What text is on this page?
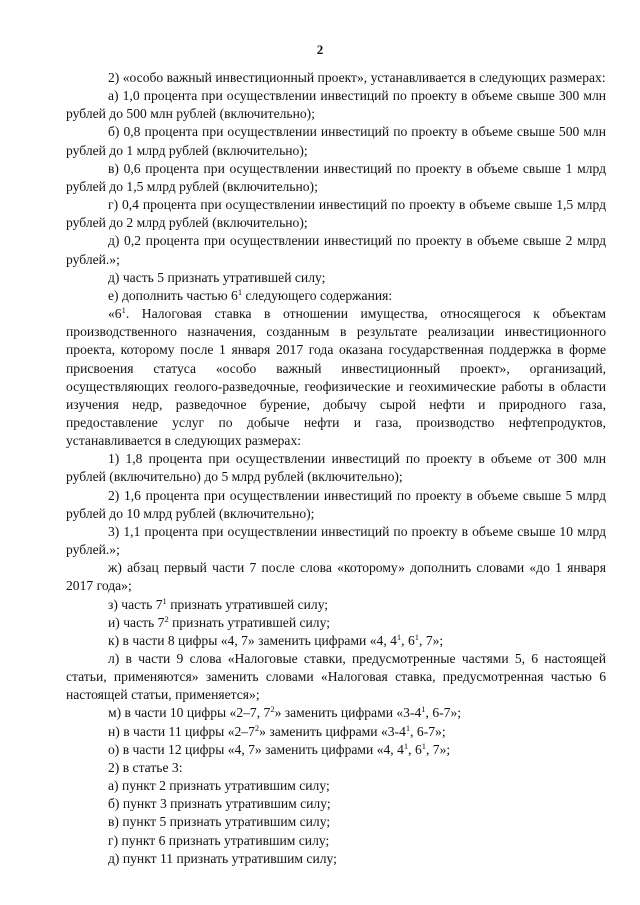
2

2) «особо важный инвестиционный проект», устанавливается в следующих размерах:

а) 1,0 процента при осуществлении инвестиций по проекту в объеме свыше 300 млн рублей до 500 млн рублей (включительно);

б) 0,8 процента при осуществлении инвестиций по проекту в объеме свыше 500 млн рублей до 1 млрд рублей (включительно);

в) 0,6 процента при осуществлении инвестиций по проекту в объеме свыше 1 млрд рублей до 1,5 млрд рублей (включительно);

г) 0,4 процента при осуществлении инвестиций по проекту в объеме свыше 1,5 млрд рублей до 2 млрд рублей (включительно);

д) 0,2 процента при осуществлении инвестиций по проекту в объеме свыше 2 млрд рублей.»;

д) часть 5 признать утратившей силу;

е) дополнить частью $6^1$ следующего содержания:

«$6^1$. Налоговая ставка в отношении имущества, относящегося к объектам производственного назначения, созданным в результате реализации инвестиционного проекта, которому после 1 января 2017 года оказана государственная поддержка в форме присвоения статуса «особо важный инвестиционный проект», организаций, осуществляющих геолого-разведочные, геофизические и геохимические работы в области изучения недр, разведочное бурение, добычу сырой нефти и природного газа, предоставление услуг по добыче нефти и газа, производство нефтепродуктов, устанавливается в следующих размерах:

1) 1,8 процента при осуществлении инвестиций по проекту в объеме от 300 млн рублей (включительно) до 5 млрд рублей (включительно);

2) 1,6 процента при осуществлении инвестиций по проекту в объеме свыше 5 млрд рублей до 10 млрд рублей (включительно);

3) 1,1 процента при осуществлении инвестиций по проекту в объеме свыше 10 млрд рублей.»;

ж) абзац первый части 7 после слова «которому» дополнить словами «до 1 января 2017 года»;

з) часть $7^1$ признать утратившей силу;

и) часть $7^2$ признать утратившей силу;

к) в части 8 цифры «4, 7» заменить цифрами «4, $4^1$, $6^1$, 7»;

л) в части 9 слова «Налоговые ставки, предусмотренные частями 5, 6 настоящей статьи, применяются» заменить словами «Налоговая ставка, предусмотренная частью 6 настоящей статьи, применяется»;

м) в части 10 цифры «2–7, $7^2$» заменить цифрами «$3-4^1$, 6-7»;

н) в части 11 цифры «$2-7^2$» заменить цифрами «$3-4^1$, 6-7»;

о) в части 12 цифры «4, 7» заменить цифрами «4, $4^1$, $6^1$, 7»;

2) в статье 3:

а) пункт 2 признать утратившим силу;

б) пункт 3 признать утратившим силу;

в) пункт 5 признать утратившим силу;

г) пункт 6 признать утратившим силу;

д) пункт 11 признать утратившим силу;
